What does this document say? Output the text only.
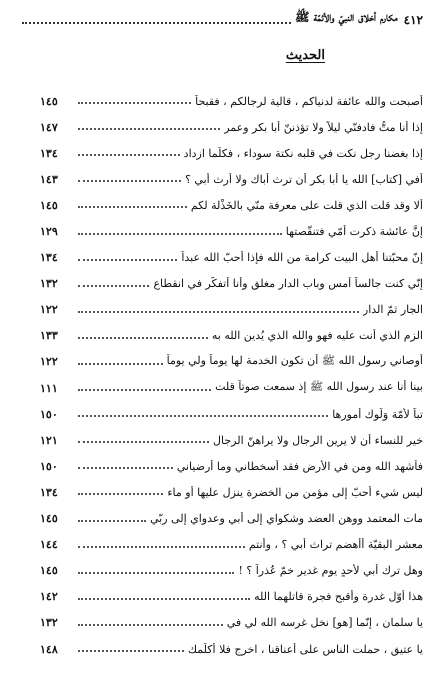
٤١٢
مكارم أخلاق النبيّ والأئمّة ﷺ
الحديث
أصبحت والله عائفة لدنياكم ، قالية لرجالكم ، فقبحاً
١٤٥
إذا أنا متُّ فادفنّي ليلاً ولا تؤذننّ أبا بكر وعمر
١٤٧
إذا بغضنا رجل نكت في قلبه نكتة سوداء ، فكلّما ازداد
١٣٤
أفي [كتاب] الله يا أبا بكر أن ترث أباك ولا أرث أبي ؟
١٤٣
ألا وقد قلت الذي قلت على معرفة منّي بالخَذْلة لكم
١٤٥
إنَّ عائشة ذكرت أُمّي فتنقّصتها
١٢٩
إنّ محبّتنا أهل البيت كرامة من الله فإذا أحبّ الله عبداً
١٣٤
إنّي كنت جالساً أمس وباب الدار مغلق وأنا أتفكّر في انقطاع
١٣٢
الجار ثمّ الدار
١٢٢
الزم الذي أنت عليه فهو والله الذي يُدين الله به
١٣٣
أوصاني رسول الله ﷺ أن تكون الخدمة لها يوماً ولي يوماً
١٢٢
بينا أنا عند رسول الله ﷺ إذ سمعت صوتاً قلت
١١١
تباً لأمّة وَلَّوك أمورها
١٥٠
خير للنساء أن لا يرين الرجال ولا يراهنّ الرجال
١٢١
فأشهد الله ومن في الأرض فقد أسخطاني وما أرضياني
١٥٠
ليس شيء أحبّ إلى مؤمن من الخضرة ينزل عليها أو ماء
١٣٤
مات المعتمد ووهن العضد وشكواي إلى أبي وعدواي إلى ربّي
١٤٥
معشر البقيّة أأهضم تراث أبي ؟ ، وأنتم
١٤٤
وهل ترك أبي لأحدٍ يوم غدير خمّ عُذراً ؟ !
١٤٥
هذا أوّل غدرة وأقبح فجرة قاتلهما الله
١٤٢
يا سلمان ، إنّما [هو] نخل غرسه الله لي في
١٣٢
يا عتيق ، حملت الناس على أعناقنا ، اخرج فلا أكلّمك
١٤٨
